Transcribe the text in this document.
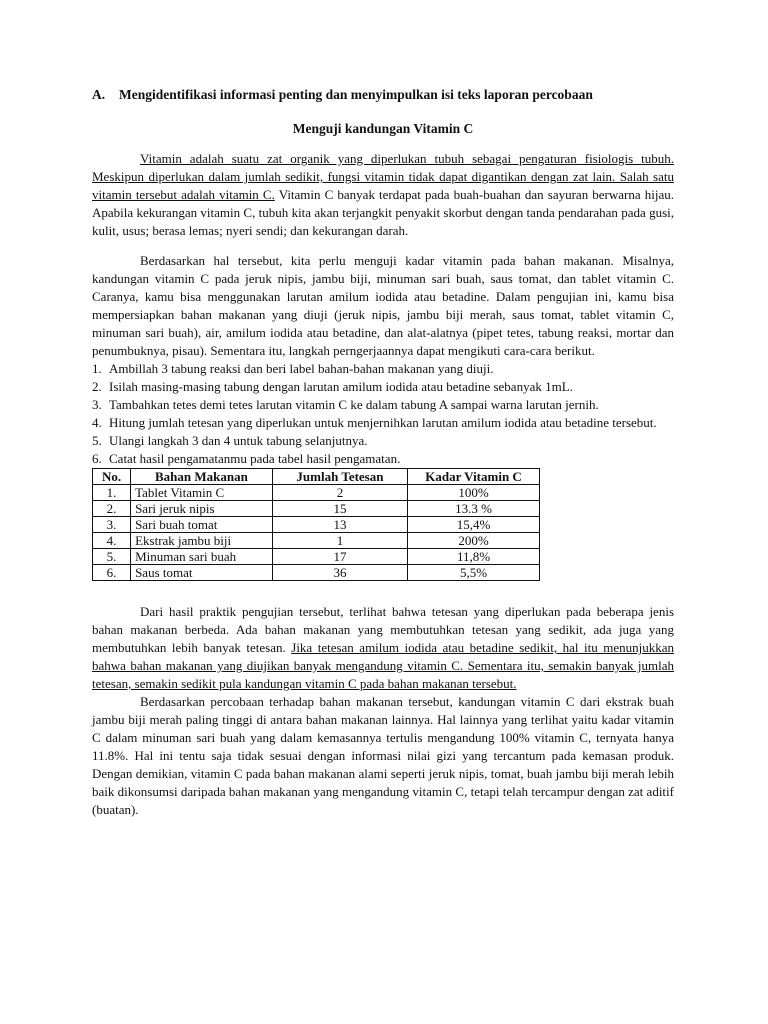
A. Mengidentifikasi informasi penting dan menyimpulkan isi teks laporan percobaan
Menguji kandungan Vitamin C

Vitamin adalah suatu zat organik yang diperlukan tubuh sebagai pengaturan fisiologis tubuh. Meskipun diperlukan dalam jumlah sedikit, fungsi vitamin tidak dapat digantikan dengan zat lain. Salah satu vitamin tersebut adalah vitamin C. Vitamin C banyak terdapat pada buah-buahan dan sayuran berwarna hijau. Apabila kekurangan vitamin C, tubuh kita akan terjangkit penyakit skorbut dengan tanda pendarahan pada gusi, kulit, usus; berasa lemas; nyeri sendi; dan kekurangan darah.

Berdasarkan hal tersebut, kita perlu menguji kadar vitamin pada bahan makanan. Misalnya, kandungan vitamin C pada jeruk nipis, jambu biji, minuman sari buah, saus tomat, dan tablet vitamin C. Caranya, kamu bisa menggunakan larutan amilum iodida atau betadine. Dalam pengujian ini, kamu bisa mempersiapkan bahan makanan yang diuji (jeruk nipis, jambu biji merah, saus tomat, tablet vitamin C, minuman sari buah), air, amilum iodida atau betadine, dan alat-alatnya (pipet tetes, tabung reaksi, mortar dan penumbuknya, pisau). Sementara itu, langkah perngerjaannya dapat mengikuti cara-cara berikut.

1. Ambillah 3 tabung reaksi dan beri label bahan-bahan makanan yang diuji.
2. Isilah masing-masing tabung dengan larutan amilum iodida atau betadine sebanyak 1mL.
3. Tambahkan tetes demi tetes larutan vitamin C ke dalam tabung A sampai warna larutan jernih.
4. Hitung jumlah tetesan yang diperlukan untuk menjernihkan larutan amilum iodida atau betadine tersebut.
5. Ulangi langkah 3 dan 4 untuk tabung selanjutnya.
6. Catat hasil pengamatanmu pada tabel hasil pengamatan.
No.	Bahan Makanan	Jumlah Tetesan	Kadar Vitamin C
1.	Tablet Vitamin C	2	100%
2.	Sari jeruk nipis	15	13.3 %
3.	Sari buah tomat	13	15,4%
4.	Ekstrak jambu biji	1	200%
5.	Minuman sari buah	17	11,8%
6.	Saus tomat	36	5,5%

Dari hasil praktik pengujian tersebut, terlihat bahwa tetesan yang diperlukan pada beberapa jenis bahan makanan berbeda. Ada bahan makanan yang membutuhkan tetesan yang sedikit, ada juga yang membutuhkan lebih banyak tetesan. Jika tetesan amilum iodida atau betadine sedikit, hal itu menunjukkan bahwa bahan makanan yang diujikan banyak mengandung vitamin C. Sementara itu, semakin banyak jumlah tetesan, semakin sedikit pula kandungan vitamin C pada bahan makanan tersebut.

Berdasarkan percobaan terhadap bahan makanan tersebut, kandungan vitamin C dari ekstrak buah jambu biji merah paling tinggi di antara bahan makanan lainnya. Hal lainnya yang terlihat yaitu kadar vitamin C dalam minuman sari buah yang dalam kemasannya tertulis mengandung 100% vitamin C, ternyata hanya 11.8%. Hal ini tentu saja tidak sesuai dengan informasi nilai gizi yang tercantum pada kemasan produk. Dengan demikian, vitamin C pada bahan makanan alami seperti jeruk nipis, tomat, buah jambu biji merah lebih baik dikonsumsi daripada bahan makanan yang mengandung vitamin C, tetapi telah tercampur dengan zat aditif (buatan).
